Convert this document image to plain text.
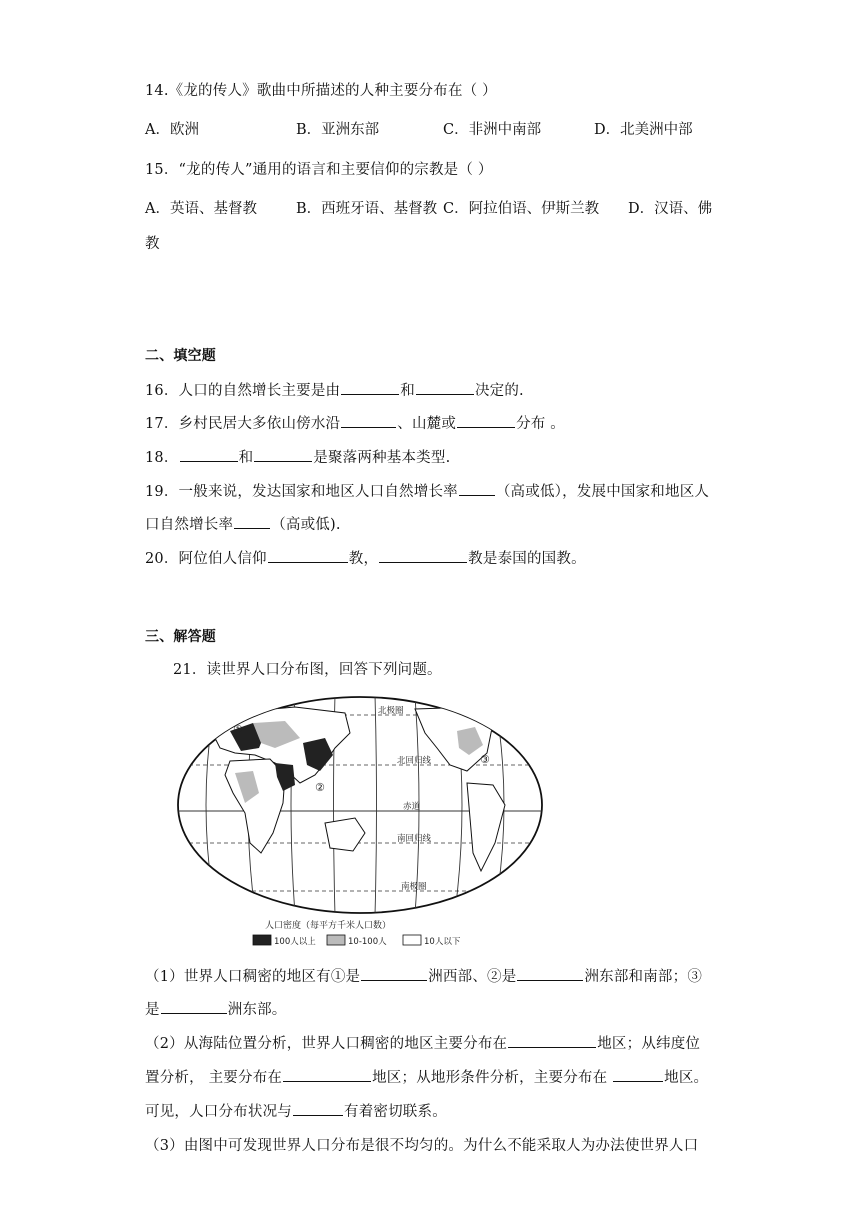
14.《龙的传人》歌曲中所描述的人种主要分布在（ ）
A．欧洲	B．亚洲东部	C．非洲中南部	D．北美洲中部
15．“龙的传人”通用的语言和主要信仰的宗教是（ ）
A．英语、基督教	B．西班牙语、基督教 C．阿拉伯语、伊斯兰教 D．汉语、佛
教
二、填空题
16．人口的自然增长主要是由	和	决定的.
17．乡村民居大多依山傍水沿	、山麓或	分布 。
18．	和	是聚落两种基本类型.
19．一般来说，发达国家和地区人口自然增长率	（高或低），发展中国家和地区人
口自然增长率	（高或低).
20．阿位伯人信仰	教，	教是泰国的国教。
三、解答题
21．读世界人口分布图，回答下列问题。
①
②
③
北极圈
北回归线
赤道
南回归线
南极圈
人口密度（每平方千米人口数）
100人以上	10-100人	10人以下
（1）世界人口稠密的地区有①是	洲西部、②是	洲东部和南部；③
是	洲东部。
（2）从海陆位置分析，世界人口稠密的地区主要分布在	地区；从纬度位
置分析， 主要分布在	地区；从地形条件分析，主要分布在	地区。
可见，人口分布状况与	有着密切联系。
（3）由图中可发现世界人口分布是很不均匀的。为什么不能采取人为办法使世界人口
